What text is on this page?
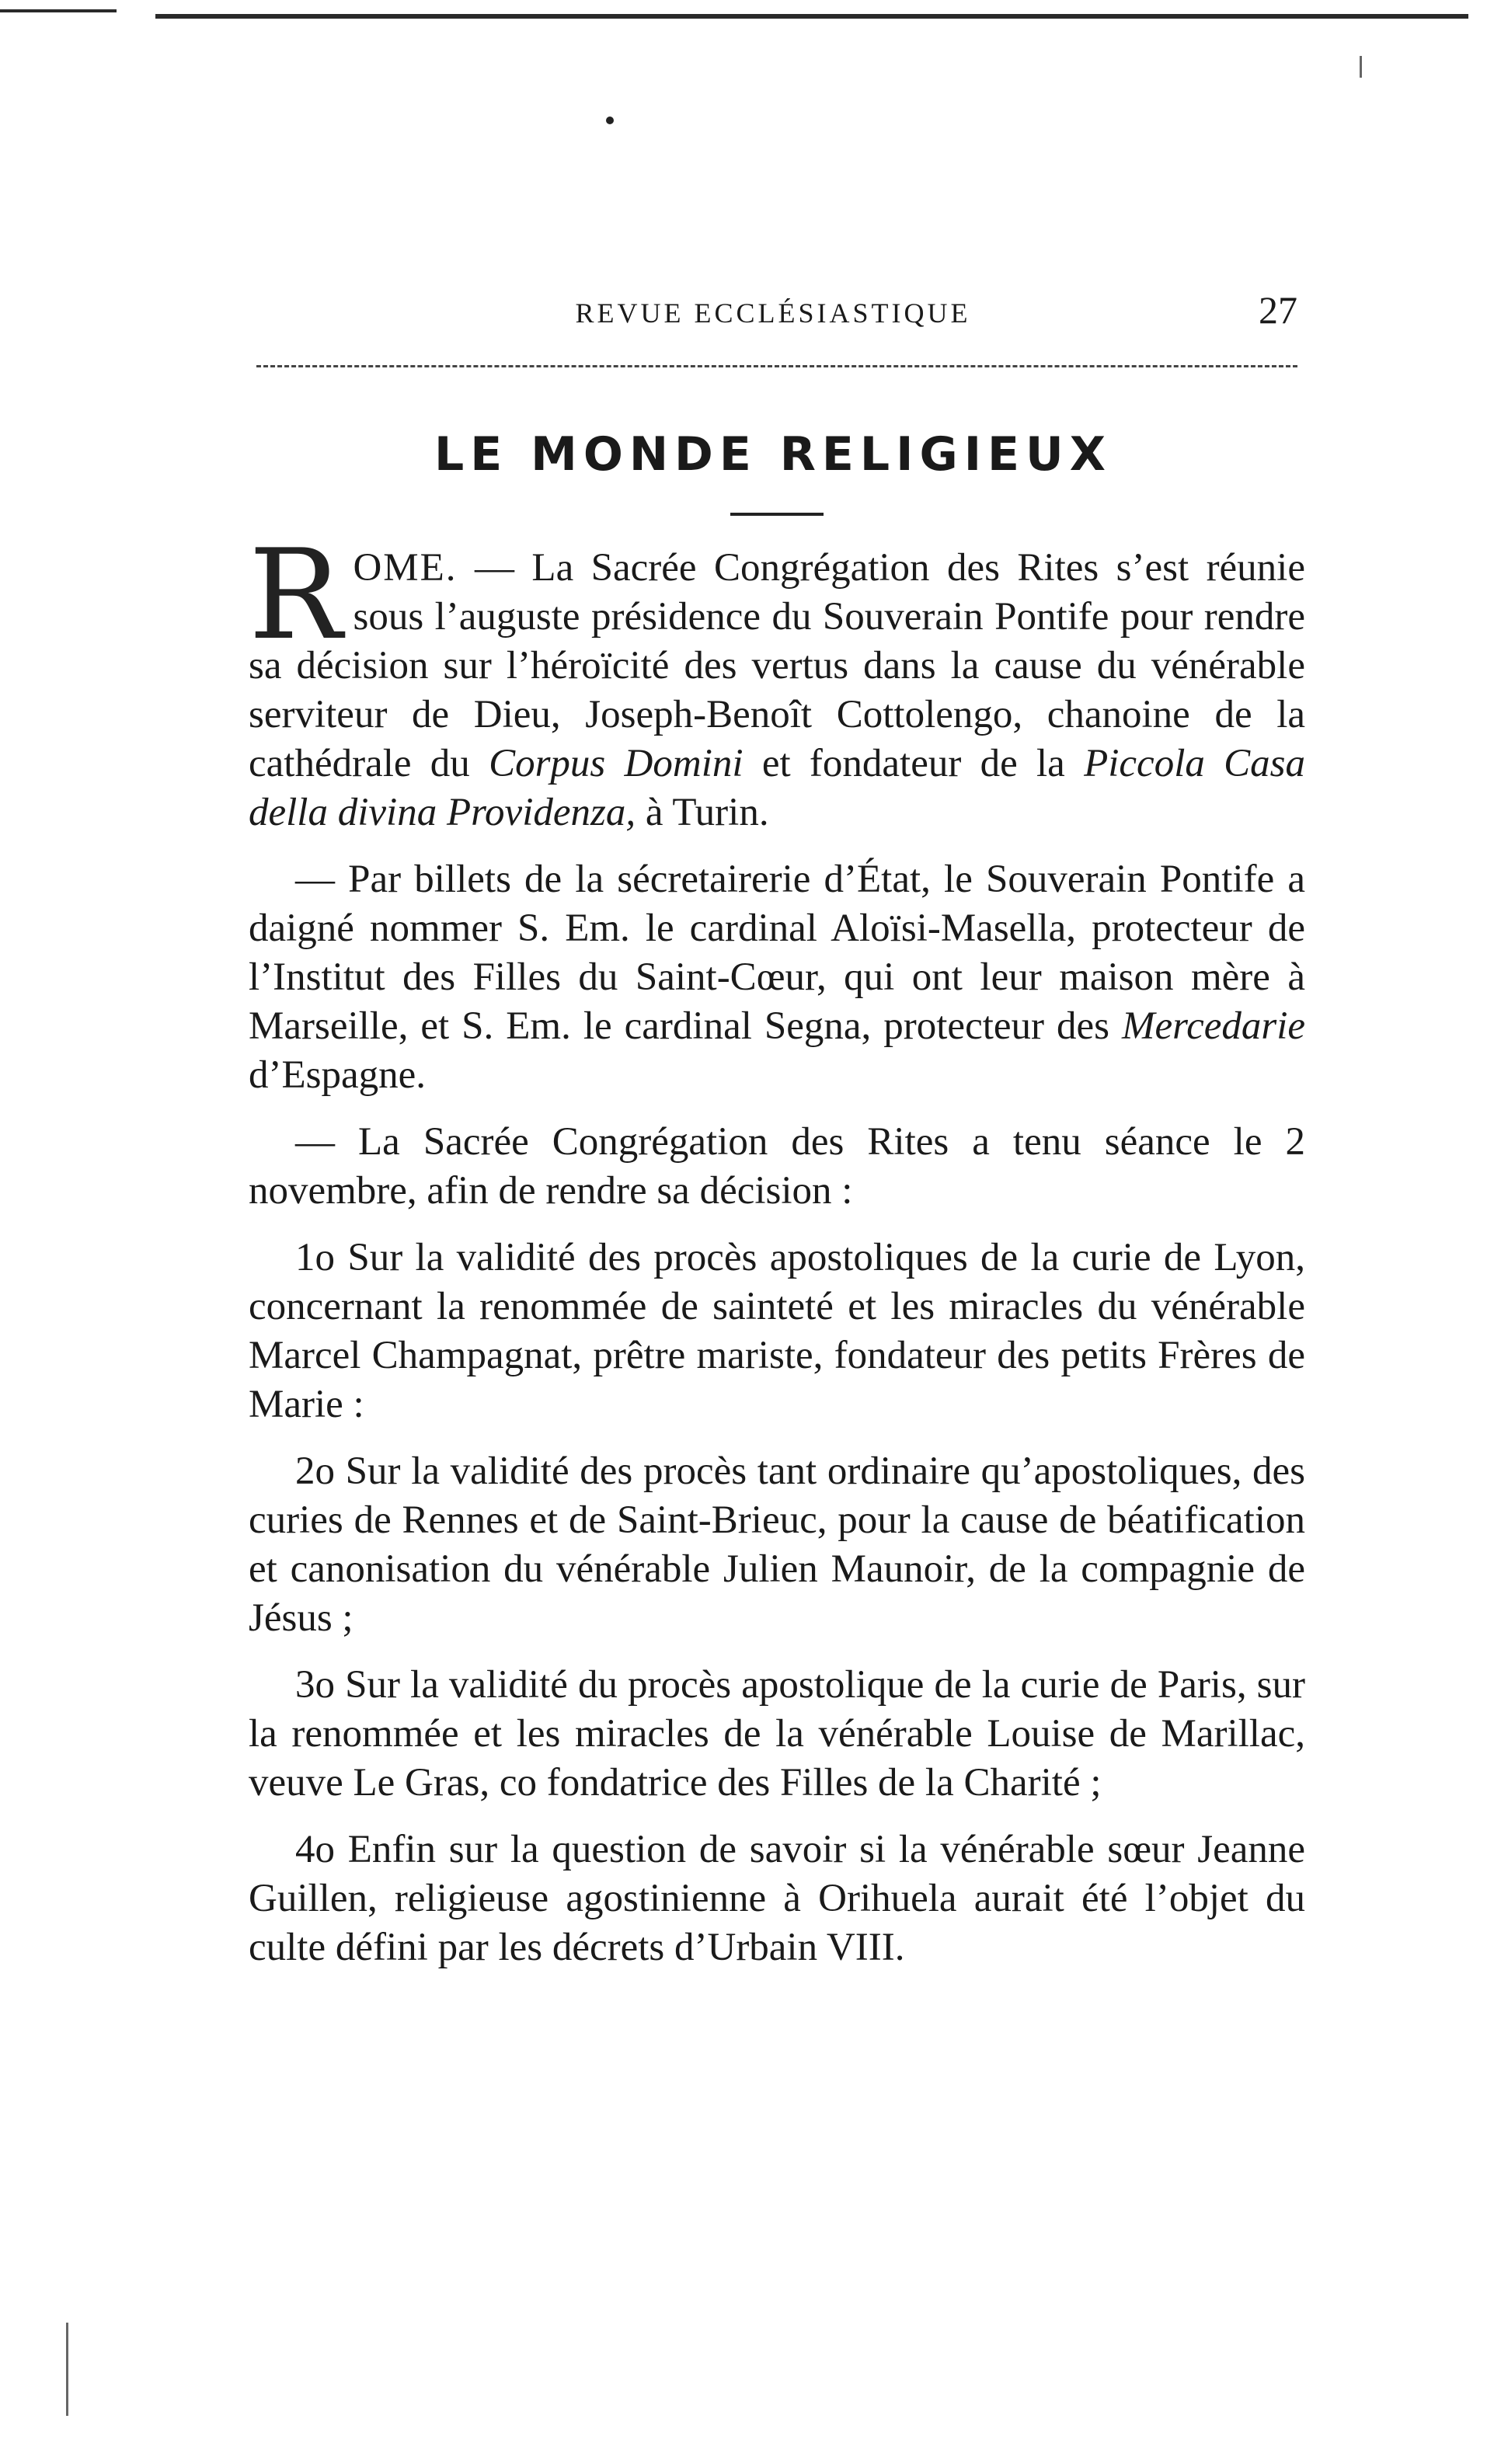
REVUE ECCLÉSIASTIQUE	27
LE MONDE RELIGIEUX

ROME. — La Sacrée Congrégation des Rites s’est réunie sous l’auguste présidence du Souverain Pontife pour rendre sa décision sur l’héroïcité des vertus dans la cause du vénérable serviteur de Dieu, Joseph-Benoît Cottolengo, chanoine de la cathédrale du Corpus Domini et fondateur de la Piccola Casa della divina Providenza, à Turin.

— Par billets de la sécretairerie d’État, le Souverain Pontife a daigné nommer S. Em. le cardinal Aloïsi-Masella, protecteur de l’Institut des Filles du Saint-Cœur, qui ont leur maison mère à Marseille, et S. Em. le cardinal Segna, protecteur des Mercedarie d’Espagne.

— La Sacrée Congrégation des Rites a tenu séance le 2 novembre, afin de rendre sa décision :

1o Sur la validité des procès apostoliques de la curie de Lyon, concernant la renommée de sainteté et les miracles du vénérable Marcel Champagnat, prêtre mariste, fondateur des petits Frères de Marie :

2o Sur la validité des procès tant ordinaire qu’apostoliques, des curies de Rennes et de Saint-Brieuc, pour la cause de béatification et canonisation du vénérable Julien Maunoir, de la compagnie de Jésus ;

3o Sur la validité du procès apostolique de la curie de Paris, sur la renommée et les miracles de la vénérable Louise de Marillac, veuve Le Gras, co fondatrice des Filles de la Charité ;

4o Enfin sur la question de savoir si la vénérable sœur Jeanne Guillen, religieuse agostinienne à Orihuela aurait été l’objet du culte défini par les décrets d’Urbain VIII.
